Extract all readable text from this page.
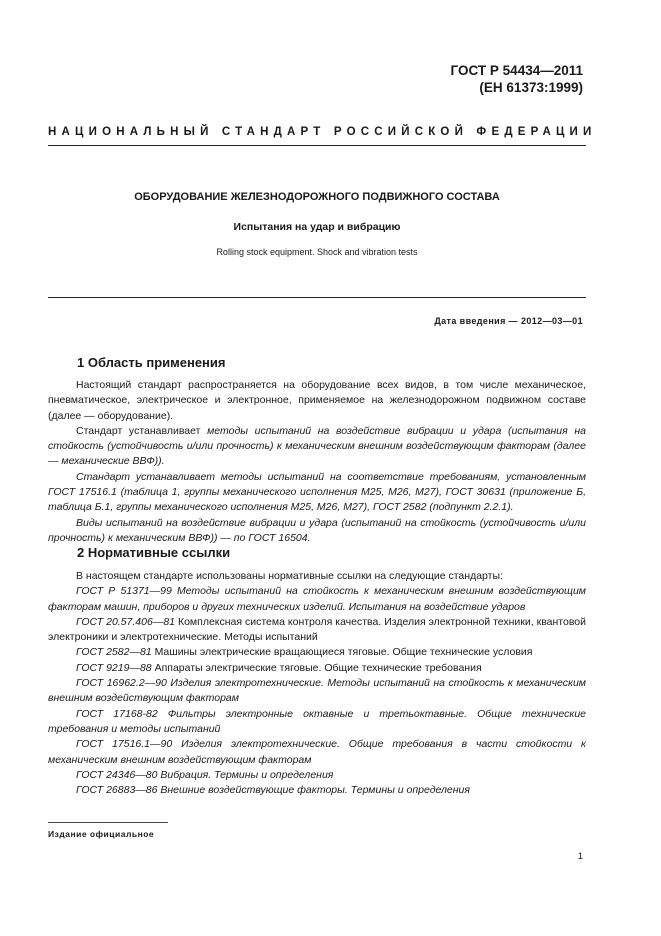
ГОСТ Р 54434—2011
(ЕН 61373:1999)
НАЦИОНАЛЬНЫЙ СТАНДАРТ РОССИЙСКОЙ ФЕДЕРАЦИИ
ОБОРУДОВАНИЕ ЖЕЛЕЗНОДОРОЖНОГО ПОДВИЖНОГО СОСТАВА
Испытания на удар и вибрацию
Rolling stock equipment. Shock and vibration tests
Дата введения — 2012—03—01
1 Область применения

Настоящий стандарт распространяется на оборудование всех видов, в том числе механическое, пневматическое, электрическое и электронное, применяемое на железнодорожном подвижном составе (далее — оборудование).

Стандарт устанавливает методы испытаний на воздействие вибрации и удара (испытания на стойкость (устойчивость и/или прочность) к механическим внешним воздействующим факторам (далее — механические ВВФ)).

Стандарт устанавливает методы испытаний на соответствие требованиям, установленным ГОСТ 17516.1 (таблица 1, группы механического исполнения М25, М26, М27), ГОСТ 30631 (приложение Б, таблица Б.1, группы механического исполнения М25, М26, М27), ГОСТ 2582 (подпункт 2.2.1).

Виды испытаний на воздействие вибрации и удара (испытаний на стойкость (устойчивость и/или прочность) к механическим ВВФ)) — по ГОСТ 16504.

2 Нормативные ссылки

В настоящем стандарте использованы нормативные ссылки на следующие стандарты:

ГОСТ Р 51371—99 Методы испытаний на стойкость к механическим внешним воздействующим факторам машин, приборов и других технических изделий. Испытания на воздействие ударов

ГОСТ 20.57.406—81 Комплексная система контроля качества. Изделия электронной техники, квантовой электроники и электротехнические. Методы испытаний

ГОСТ 2582—81 Машины электрические вращающиеся тяговые. Общие технические условия

ГОСТ 9219—88 Аппараты электрические тяговые. Общие технические требования

ГОСТ 16962.2—90 Изделия электротехнические. Методы испытаний на стойкость к механическим внешним воздействующим факторам

ГОСТ 17168-82 Фильтры электронные октавные и третьоктавные. Общие технические требования и методы испытаний

ГОСТ 17516.1—90 Изделия электротехнические. Общие требования в части стойкости к механическим внешним воздействующим факторам

ГОСТ 24346—80 Вибрация. Термины и определения

ГОСТ 26883—86 Внешние воздействующие факторы. Термины и определения

Издание официальное
1
